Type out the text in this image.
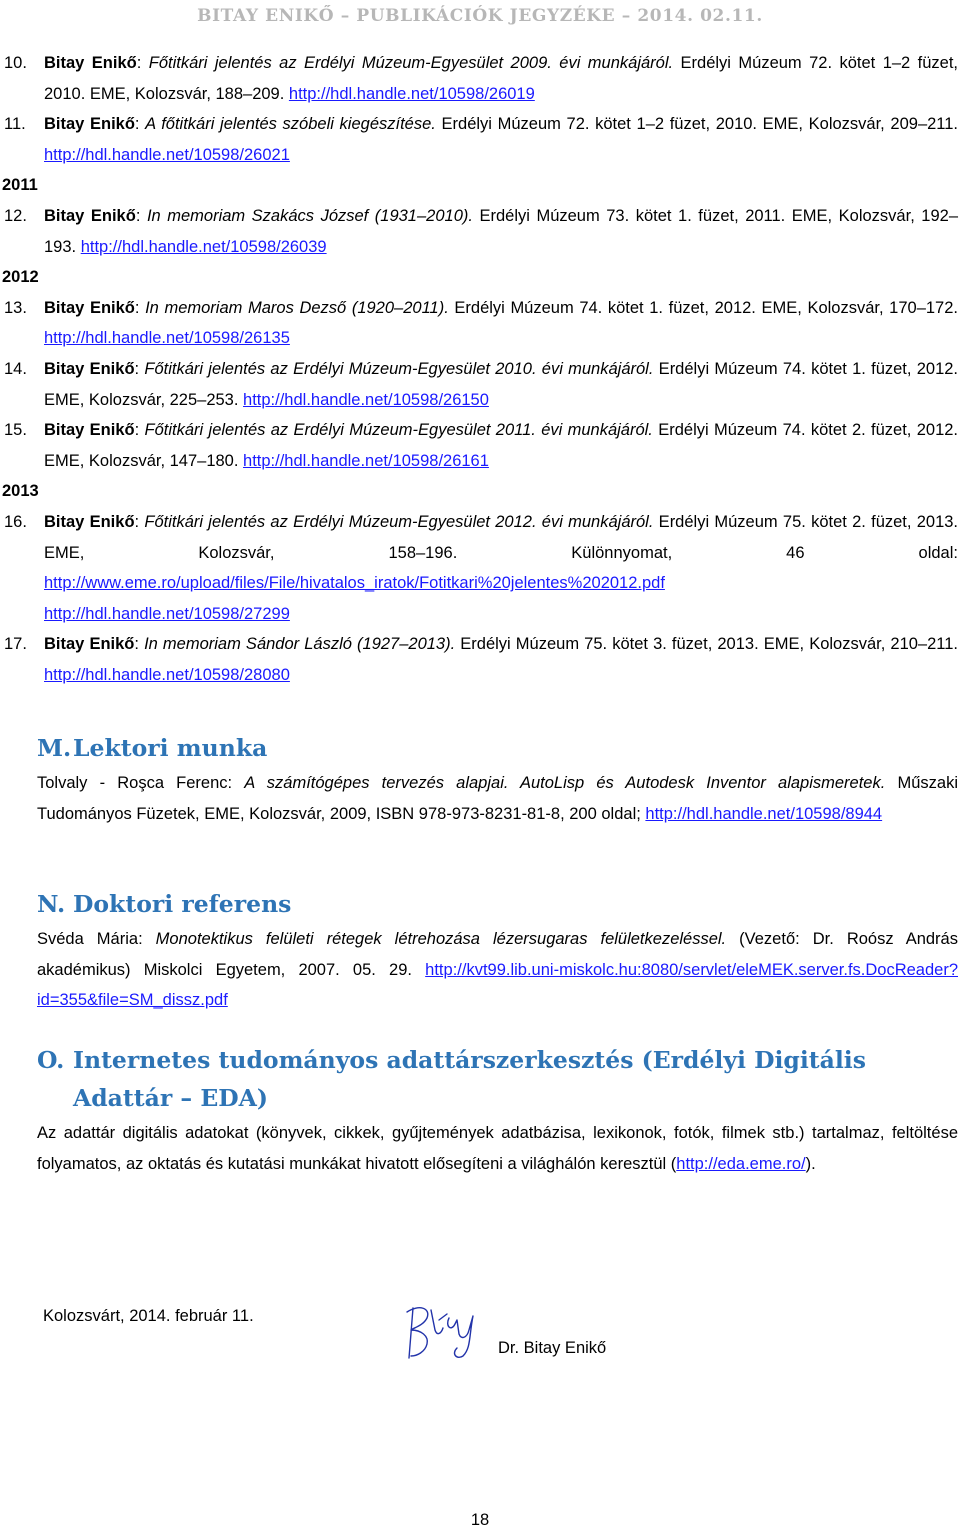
BITAY ENIKŐ – PUBLIKÁCIÓK JEGYZÉKE – 2014. 02.11.
10. Bitay Enikő: Főtitkári jelentés az Erdélyi Múzeum-Egyesület 2009. évi munkájáról. Erdélyi Múzeum 72. kötet 1–2 füzet, 2010. EME, Kolozsvár, 188–209. http://hdl.handle.net/10598/26019
11. Bitay Enikő: A főtitkári jelentés szóbeli kiegészítése. Erdélyi Múzeum 72. kötet 1–2 füzet, 2010. EME, Kolozsvár, 209–211. http://hdl.handle.net/10598/26021
2011
12. Bitay Enikő: In memoriam Szakács József (1931–2010). Erdélyi Múzeum 73. kötet 1. füzet, 2011. EME, Kolozsvár, 192–193. http://hdl.handle.net/10598/26039
2012
13. Bitay Enikő: In memoriam Maros Dezső (1920–2011). Erdélyi Múzeum 74. kötet 1. füzet, 2012. EME, Kolozsvár, 170–172. http://hdl.handle.net/10598/26135
14. Bitay Enikő: Főtitkári jelentés az Erdélyi Múzeum-Egyesület 2010. évi munkájáról. Erdélyi Múzeum 74. kötet 1. füzet, 2012. EME, Kolozsvár, 225–253. http://hdl.handle.net/10598/26150
15. Bitay Enikő: Főtitkári jelentés az Erdélyi Múzeum-Egyesület 2011. évi munkájáról. Erdélyi Múzeum 74. kötet 2. füzet, 2012. EME, Kolozsvár, 147–180. http://hdl.handle.net/10598/26161
2013
16. Bitay Enikő: Főtitkári jelentés az Erdélyi Múzeum-Egyesület 2012. évi munkájáról. Erdélyi Múzeum 75. kötet 2. füzet, 2013. EME, Kolozsvár, 158–196. Különnyomat, 46 oldal: http://www.eme.ro/upload/files/File/hivatalos_iratok/Fotitkari%20jelentes%202012.pdf
http://hdl.handle.net/10598/27299
17. Bitay Enikő: In memoriam Sándor László (1927–2013). Erdélyi Múzeum 75. kötet 3. füzet, 2013. EME, Kolozsvár, 210–211. http://hdl.handle.net/10598/28080
M.Lektori munka
Tolvaly - Roşca Ferenc: A számítógépes tervezés alapjai. AutoLisp és Autodesk Inventor alapismeretek. Műszaki Tudományos Füzetek, EME, Kolozsvár, 2009, ISBN 978-973-8231-81-8, 200 oldal; http://hdl.handle.net/10598/8944
N. Doktori referens
Svéda Mária: Monotektikus felületi rétegek létrehozása lézersugaras felületkezeléssel. (Vezető: Dr. Roósz András akadémikus) Miskolci Egyetem, 2007. 05. 29. http://kvt99.lib.uni-miskolc.hu:8080/servlet/eleMEK.server.fs.DocReader?id=355&file=SM_dissz.pdf
O. Internetes tudományos adattárszerkesztés (Erdélyi Digitális
Adattár – EDA)
Az adattár digitális adatokat (könyvek, cikkek, gyűjtemények adatbázisa, lexikonok, fotók, filmek stb.) tartalmaz, feltöltése folyamatos, az oktatás és kutatási munkákat hivatott elősegíteni a világhálón keresztül (http://eda.eme.ro/).
Kolozsvárt, 2014. február 11.
Dr. Bitay Enikő
18
